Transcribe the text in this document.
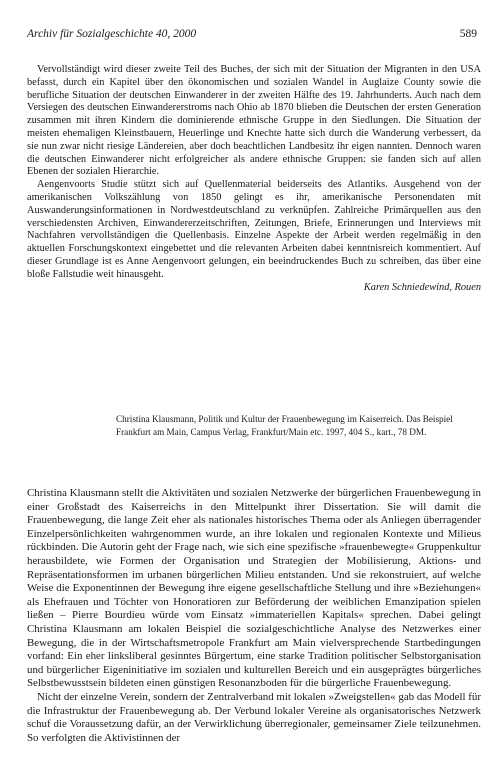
Archiv für Sozialgeschichte 40, 2000	589

Vervollständigt wird dieser zweite Teil des Buches, der sich mit der Situation der Migranten in den USA befasst, durch ein Kapitel über den ökonomischen und sozialen Wandel in Auglaize County sowie die berufliche Situation der deutschen Einwanderer in der zweiten Hälfte des 19. Jahrhunderts. Auch nach dem Versiegen des deutschen Einwandererstroms nach Ohio ab 1870 blieben die Deutschen der ersten Generation zusammen mit ihren Kindern die dominierende ethnische Gruppe in den Siedlungen. Die Situation der meisten ehemaligen Kleinstbauern, Heuerlinge und Knechte hatte sich durch die Wanderung verbessert, da sie nun zwar nicht riesige Ländereien, aber doch beachtlichen Landbesitz ihr eigen nannten. Dennoch waren die deutschen Einwanderer nicht erfolgreicher als andere ethnische Gruppen: sie fanden sich auf allen Ebenen der sozialen Hierarchie.

Aengenvoorts Studie stützt sich auf Quellenmaterial beiderseits des Atlantiks. Ausgehend von der amerikanischen Volkszählung von 1850 gelingt es ihr, amerikanische Personendaten mit Auswanderungsinformationen in Nordwestdeutschland zu verknüpfen. Zahlreiche Primärquellen aus den verschiedensten Archiven, Einwandererzeitschriften, Zeitungen, Briefe, Erinnerungen und Interviews mit Nachfahren vervollständigen die Quellenbasis. Einzelne Aspekte der Arbeit werden regelmäßig in den aktuellen Forschungskontext eingebettet und die relevanten Arbeiten dabei kenntnisreich kommentiert. Auf dieser Grundlage ist es Anne Aengenvoort gelungen, ein beeindruckendes Buch zu schreiben, das über eine bloße Fallstudie weit hinausgeht.

Karen Schniedewind, Rouen

Christina Klausmann, Politik und Kultur der Frauenbewegung im Kaiserreich. Das Beispiel Frankfurt am Main, Campus Verlag, Frankfurt/Main etc. 1997, 404 S., kart., 78 DM.

Christina Klausmann stellt die Aktivitäten und sozialen Netzwerke der bürgerlichen Frauenbewegung in einer Großstadt des Kaiserreichs in den Mittelpunkt ihrer Dissertation. Sie will damit die Frauenbewegung, die lange Zeit eher als nationales historisches Thema oder als Anliegen überragender Einzelpersönlichkeiten wahrgenommen wurde, an ihre lokalen und regionalen Kontexte und Milieus rückbinden. Die Autorin geht der Frage nach, wie sich eine spezifische »frauenbewegte« Gruppenkultur herausbildete, wie Formen der Organisation und Strategien der Mobilisierung, Aktions- und Repräsentationsformen im urbanen bürgerlichen Milieu entstanden. Und sie rekonstruiert, auf welche Weise die Exponentinnen der Bewegung ihre eigene gesellschaftliche Stellung und ihre »Beziehungen« als Ehefrauen und Töchter von Honoratioren zur Beförderung der weiblichen Emanzipation spielen ließen – Pierre Bourdieu würde vom Einsatz »immateriellen Kapitals« sprechen. Dabei gelingt Christina Klausmann am lokalen Beispiel die sozialgeschichtliche Analyse des Netzwerkes einer Bewegung, die in der Wirtschaftsmetropole Frankfurt am Main vielversprechende Startbedingungen vorfand: Ein eher linksliberal gesinntes Bürgertum, eine starke Tradition politischer Selbstorganisation und bürgerlicher Eigeninitiative im sozialen und kulturellen Bereich und ein ausgeprägtes bürgerliches Selbstbewusstsein bildeten einen günstigen Resonanzboden für die bürgerliche Frauenbewegung.

Nicht der einzelne Verein, sondern der Zentralverband mit lokalen »Zweigstellen« gab das Modell für die Infrastruktur der Frauenbewegung ab. Der Verbund lokaler Vereine als organisatorisches Netzwerk schuf die Voraussetzung dafür, an der Verwirklichung überregionaler, gemeinsamer Ziele teilzunehmen. So verfolgten die Aktivistinnen der
